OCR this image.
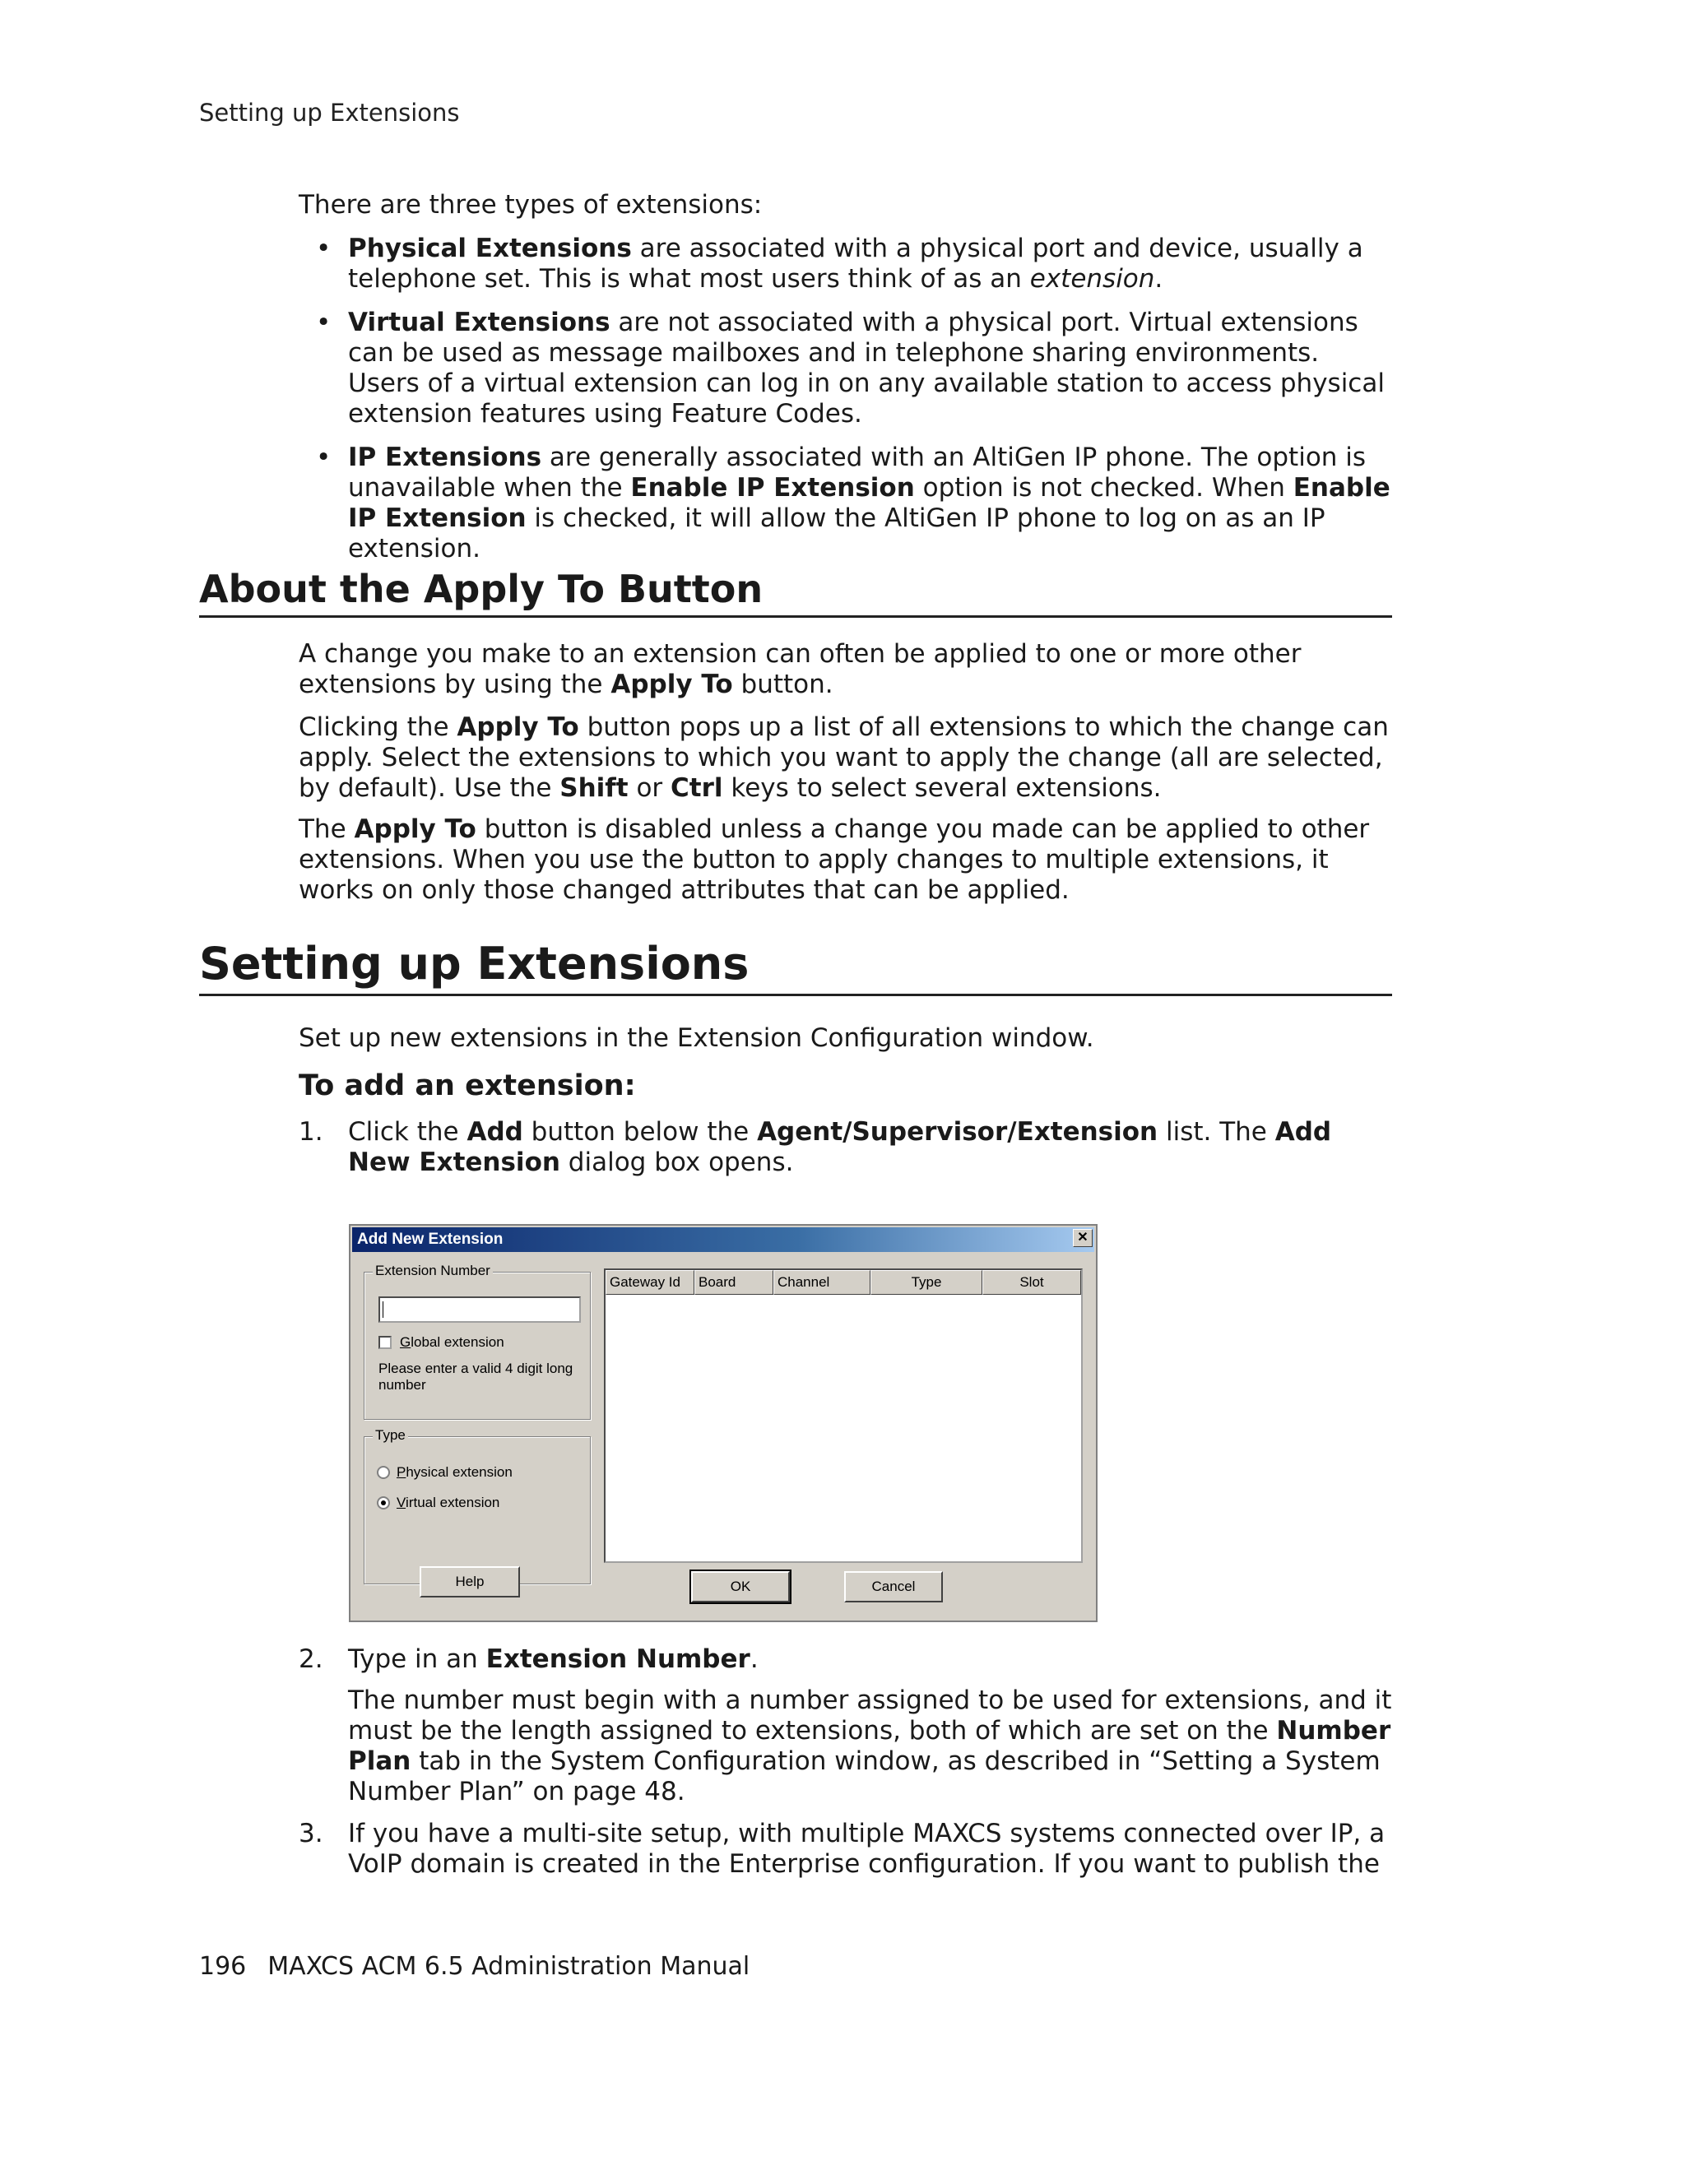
Setting up Extensions
There are three types of extensions:
• Physical Extensions are associated with a physical port and device, usually a telephone set. This is what most users think of as an extension.
• Virtual Extensions are not associated with a physical port. Virtual extensions can be used as message mailboxes and in telephone sharing environments. Users of a virtual extension can log in on any available station to access physical extension features using Feature Codes.
• IP Extensions are generally associated with an AltiGen IP phone. The option is unavailable when the Enable IP Extension option is not checked. When Enable IP Extension is checked, it will allow the AltiGen IP phone to log on as an IP extension.
About the Apply To Button
A change you make to an extension can often be applied to one or more other extensions by using the Apply To button.
Clicking the Apply To button pops up a list of all extensions to which the change can apply. Select the extensions to which you want to apply the change (all are selected, by default). Use the Shift or Ctrl keys to select several extensions.
The Apply To button is disabled unless a change you made can be applied to other extensions. When you use the button to apply changes to multiple extensions, it works on only those changed attributes that can be applied.
Setting up Extensions
Set up new extensions in the Extension Configuration window.
To add an extension:
1. Click the Add button below the Agent/Supervisor/Extension list. The Add New Extension dialog box opens.
Add New Extension	✕
Extension Number
Global extension
Please enter a valid 4 digit long number
Type
Physical extension
Virtual extension
Gateway Id	Board	Channel	Type	Slot
Help	OK	Cancel
2. Type in an Extension Number.
The number must begin with a number assigned to be used for extensions, and it must be the length assigned to extensions, both of which are set on the Number Plan tab in the System Configuration window, as described in “Setting a System Number Plan” on page 48.
3. If you have a multi-site setup, with multiple MAXCS systems connected over IP, a VoIP domain is created in the Enterprise configuration. If you want to publish the
196 MAXCS ACM 6.5 Administration Manual
